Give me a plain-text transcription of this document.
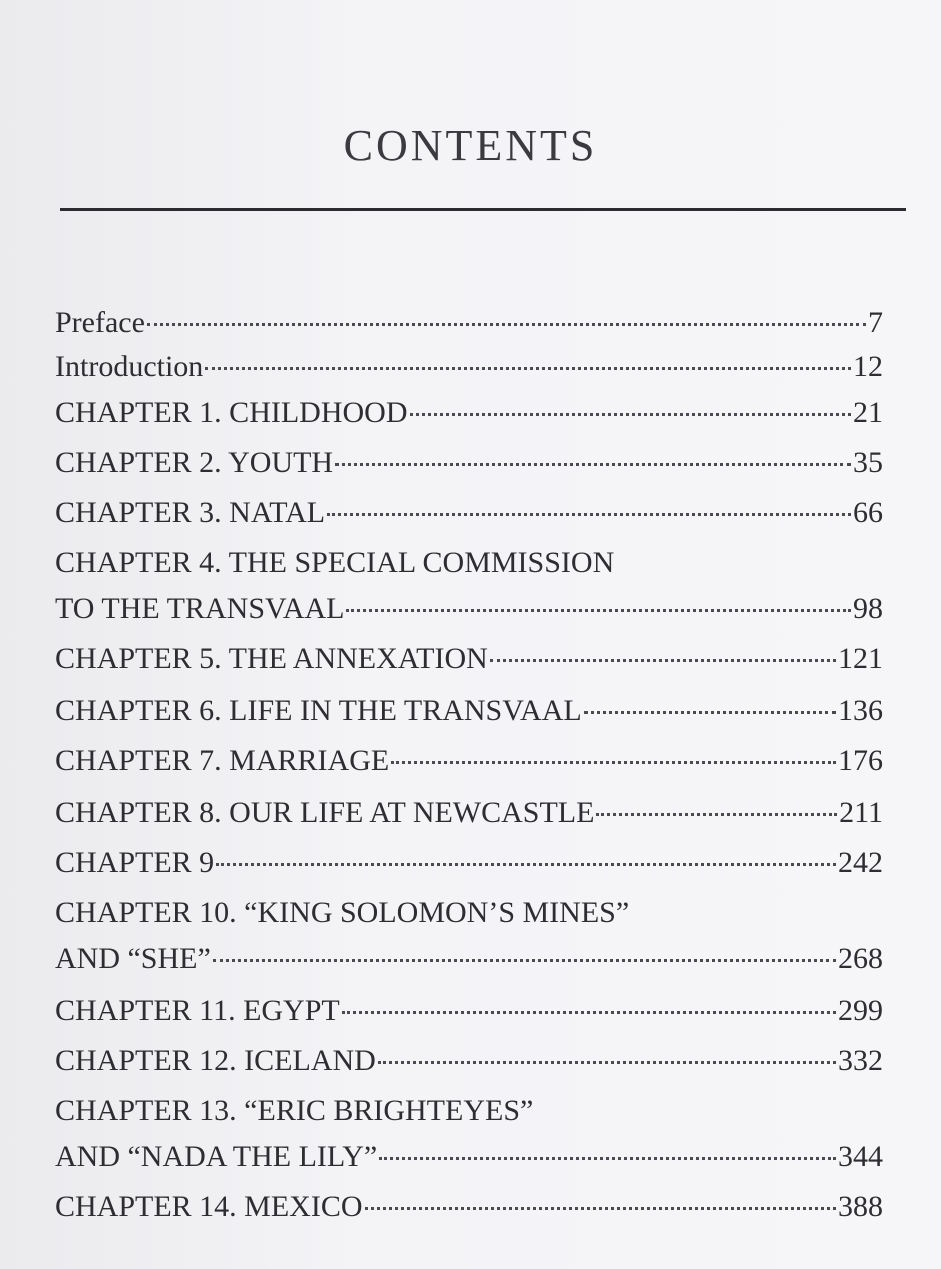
CONTENTS
Preface	7
Introduction	12
CHAPTER 1. CHILDHOOD	21
CHAPTER 2. YOUTH	35
CHAPTER 3. NATAL	66
CHAPTER 4. THE SPECIAL COMMISSION
TO THE TRANSVAAL	98
CHAPTER 5. THE ANNEXATION	121
CHAPTER 6. LIFE IN THE TRANSVAAL	136
CHAPTER 7. MARRIAGE	176
CHAPTER 8. OUR LIFE AT NEWCASTLE	211
CHAPTER 9	242
CHAPTER 10. “KING SOLOMON’S MINES”
AND “SHE”	268
CHAPTER 11. EGYPT	299
CHAPTER 12. ICELAND	332
CHAPTER 13. “ERIC BRIGHTEYES”
AND “NADA THE LILY”	344
CHAPTER 14. MEXICO	388
